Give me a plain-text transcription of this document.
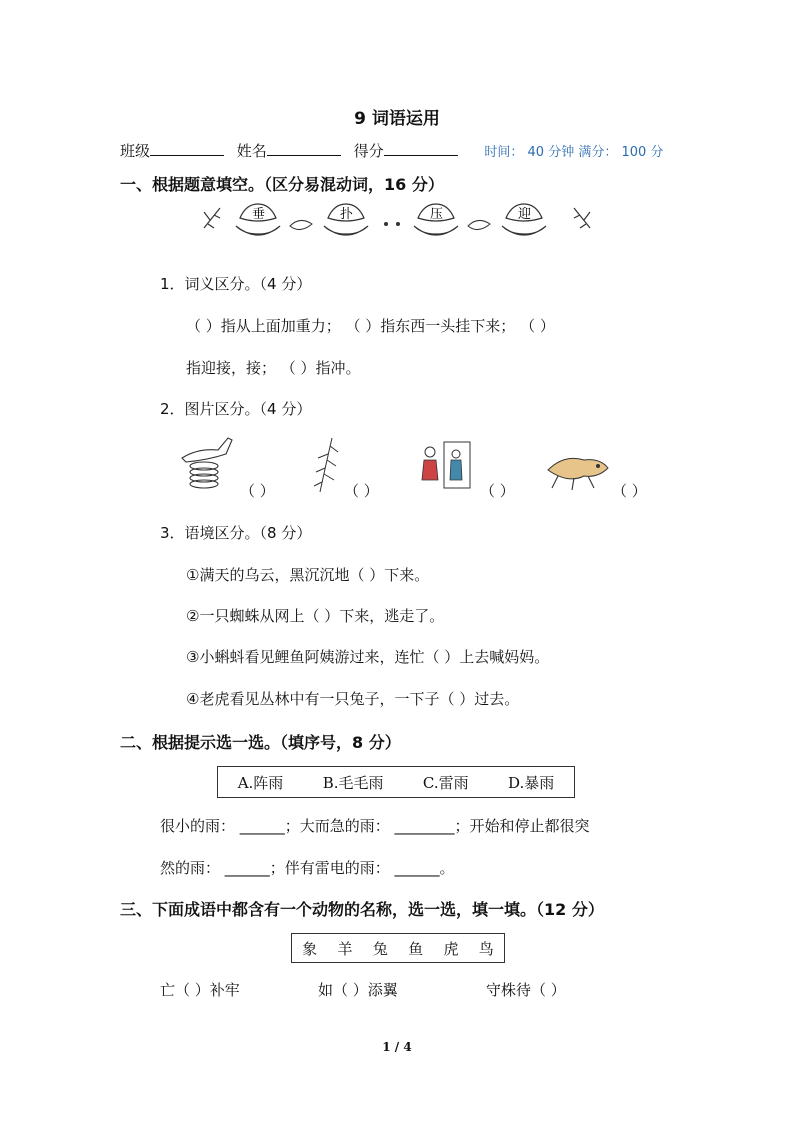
9 词语运用
班级	姓名	得分	时间： 40 分钟 满分： 100 分
一、根据题意填空。（区分易混动词，16 分）
垂	扑	压	迎
1．词义区分。（4 分）
（ ）指从上面加重力； （ ）指东西一头挂下来； （ ）
指迎接，接； （ ）指冲。
2．图片区分。（4 分）
（ ）	（ ）	（ ）	（ ）
3．语境区分。（8 分）
①满天的乌云，黑沉沉地（ ）下来。
②一只蜘蛛从网上（ ）下来，逃走了。
③小蝌蚪看见鲤鱼阿姨游过来，连忙（ ）上去喊妈妈。
④老虎看见丛林中有一只兔子，一下子（ ）过去。
二、根据提示选一选。（填序号，8 分）
A.阵雨	B.毛毛雨	C.雷雨	D.暴雨
很小的雨： ______；大而急的雨： ________；开始和停止都很突
然的雨： ______；伴有雷电的雨： ______。
三、下面成语中都含有一个动物的名称，选一选，填一填。（12 分）
象 羊 兔 鱼 虎 鸟
亡（ ）补牢	如（ ）添翼	守株待（ ）
1 / 4
